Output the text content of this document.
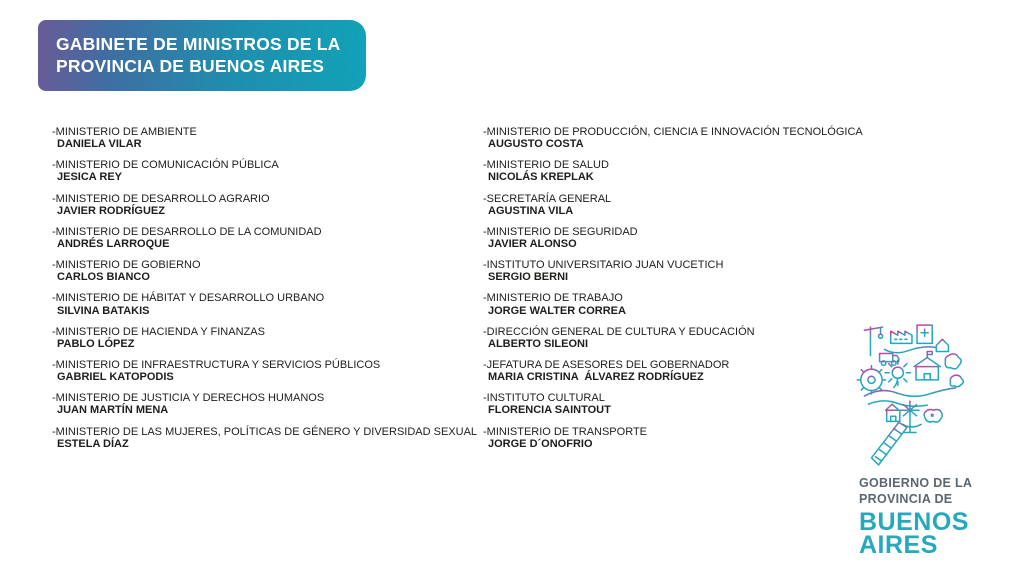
GABINETE DE MINISTROS DE LA
PROVINCIA DE BUENOS AIRES
-MINISTERIO DE AMBIENTE
DANIELA VILAR
-MINISTERIO DE COMUNICACIÓN PÚBLICA
JESICA REY
-MINISTERIO DE DESARROLLO AGRARIO
JAVIER RODRÍGUEZ
-MINISTERIO DE DESARROLLO DE LA COMUNIDAD
ANDRÉS LARROQUE
-MINISTERIO DE GOBIERNO
CARLOS BIANCO
-MINISTERIO DE HÁBITAT Y DESARROLLO URBANO
SILVINA BATAKIS
-MINISTERIO DE HACIENDA Y FINANZAS
PABLO LÓPEZ
-MINISTERIO DE INFRAESTRUCTURA Y SERVICIOS PÚBLICOS
GABRIEL KATOPODIS
-MINISTERIO DE JUSTICIA Y DERECHOS HUMANOS
JUAN MARTÍN MENA
-MINISTERIO DE LAS MUJERES, POLÍTICAS DE GÉNERO Y DIVERSIDAD SEXUAL
ESTELA DÍAZ
-MINISTERIO DE PRODUCCIÓN, CIENCIA E INNOVACIÓN TECNOLÓGICA
AUGUSTO COSTA
-MINISTERIO DE SALUD
NICOLÁS KREPLAK
-SECRETARÍA GENERAL
AGUSTINA VILA
-MINISTERIO DE SEGURIDAD
JAVIER ALONSO
-INSTITUTO UNIVERSITARIO JUAN VUCETICH
SERGIO BERNI
-MINISTERIO DE TRABAJO
JORGE WALTER CORREA
-DIRECCIÓN GENERAL DE CULTURA Y EDUCACIÓN
ALBERTO SILEONI
-JEFATURA DE ASESORES DEL GOBERNADOR
MARIA CRISTINA  ÁLVAREZ RODRÍGUEZ
-INSTITUTO CULTURAL
FLORENCIA SAINTOUT
-MINISTERIO DE TRANSPORTE
JORGE D´ONOFRIO
GOBIERNO DE LA
PROVINCIA DE
BUENOS
AIRES
